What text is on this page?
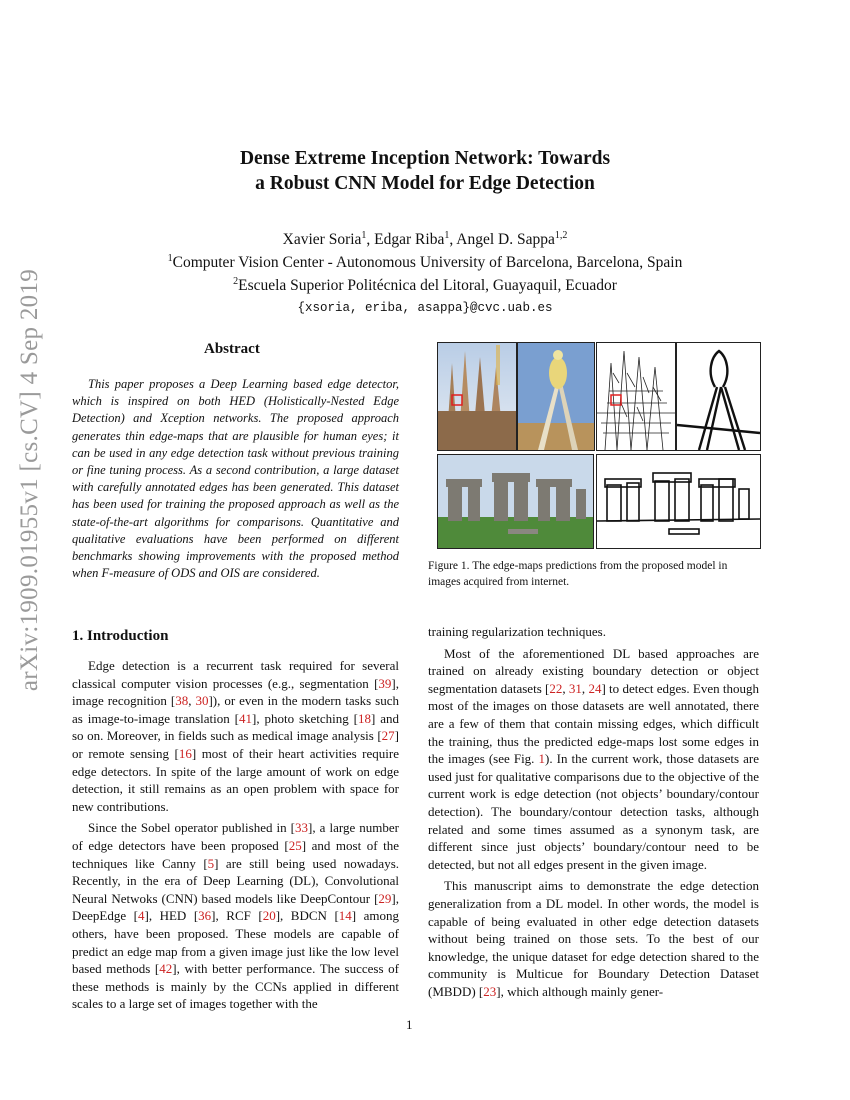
arXiv:1909.01955v1 [cs.CV] 4 Sep 2019
Dense Extreme Inception Network: Towards
a Robust CNN Model for Edge Detection
Xavier Soria$^1$, Edgar Riba$^1$, Angel D. Sappa$^{1,2}$
$^1$Computer Vision Center - Autonomous University of Barcelona, Barcelona, Spain
$^2$Escuela Superior Politécnica del Litoral, Guayaquil, Ecuador
{xsoria, eriba, asappa}@cvc.uab.es
Abstract

This paper proposes a Deep Learning based edge detector, which is inspired on both HED (Holistically-Nested Edge Detection) and Xception networks. The proposed approach generates thin edge-maps that are plausible for human eyes; it can be used in any edge detection task without previous training or fine tuning process. As a second contribution, a large dataset with carefully annotated edges has been generated. This dataset has been used for training the proposed approach as well as the state-of-the-art algorithms for comparisons. Quantitative and qualitative evaluations have been performed on different benchmarks showing improvements with the proposed method when F-measure of ODS and OIS are considered.

Figure 1. The edge-maps predictions from the proposed model in images acquired from internet.
1. Introduction

Edge detection is a recurrent task required for several classical computer vision processes (e.g., segmentation [39], image recognition [38, 30]), or even in the modern tasks such as image-to-image translation [41], photo sketching [18] and so on. Moreover, in fields such as medical image analysis [27] or remote sensing [16] most of their heart activities require edge detectors. In spite of the large amount of work on edge detection, it still remains as an open problem with space for new contributions.

Since the Sobel operator published in [33], a large number of edge detectors have been proposed [25] and most of the techniques like Canny [5] are still being used nowadays. Recently, in the era of Deep Learning (DL), Convolutional Neural Netwoks (CNN) based models like DeepContour [29], DeepEdge [4], HED [36], RCF [20], BDCN [14] among others, have been proposed. These models are capable of predict an edge map from a given image just like the low level based methods [42], with better performance. The success of these methods is mainly by the CCNs applied in different scales to a large set of images together with the

training regularization techniques.

Most of the aforementioned DL based approaches are trained on already existing boundary detection or object segmentation datasets [22, 31, 24] to detect edges. Even though most of the images on those datasets are well annotated, there are a few of them that contain missing edges, which difficult the training, thus the predicted edge-maps lost some edges in the images (see Fig. 1). In the current work, those datasets are used just for qualitative comparisons due to the objective of the current work is edge detection (not objects’ boundary/contour detection). The boundary/contour detection tasks, although related and some times assumed as a synonym task, are different since just objects’ boundary/contour need to be detected, but not all edges present in the given image.

This manuscript aims to demonstrate the edge detection generalization from a DL model. In other words, the model is capable of being evaluated in other edge detection datasets without being trained on those sets. To the best of our knowledge, the unique dataset for edge detection shared to the community is Multicue for Boundary Detection Dataset (MBDD) [23], which although mainly gener-

1
